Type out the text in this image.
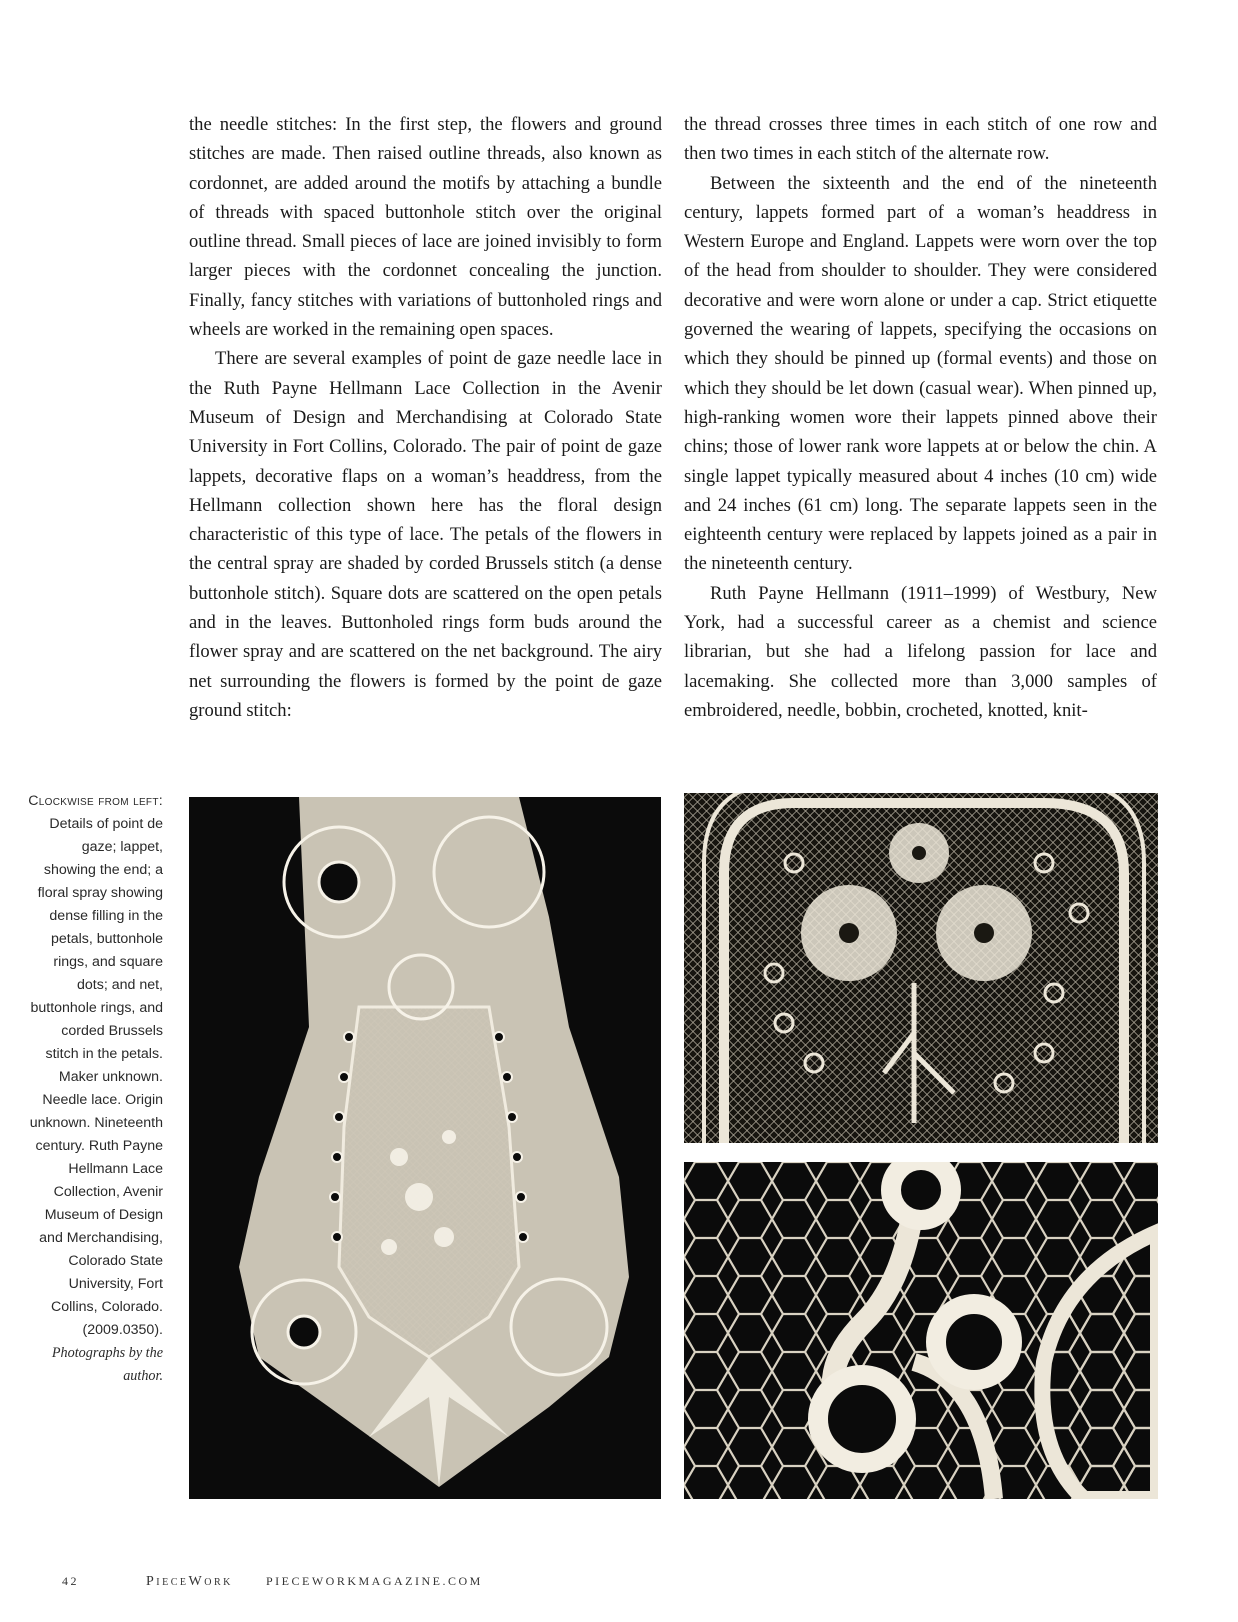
the needle stitches: In the first step, the flowers and ground stitches are made. Then raised outline threads, also known as cordonnet, are added around the motifs by attaching a bundle of threads with spaced buttonhole stitch over the original outline thread. Small pieces of lace are joined invisibly to form larger pieces with the cordonnet concealing the junction. Finally, fancy stitches with variations of buttonholed rings and wheels are worked in the remaining open spaces.

There are several examples of point de gaze needle lace in the Ruth Payne Hellmann Lace Collection in the Avenir Museum of Design and Merchandising at Colorado State University in Fort Collins, Colorado. The pair of point de gaze lappets, decorative flaps on a woman’s headdress, from the Hellmann collection shown here has the floral design characteristic of this type of lace. The petals of the flowers in the central spray are shaded by corded Brussels stitch (a dense buttonhole stitch). Square dots are scattered on the open petals and in the leaves. Buttonholed rings form buds around the flower spray and are scattered on the net background. The airy net surrounding the flowers is formed by the point de gaze ground stitch:

the thread crosses three times in each stitch of one row and then two times in each stitch of the alternate row.

Between the sixteenth and the end of the nineteenth century, lappets formed part of a woman’s headdress in Western Europe and England. Lappets were worn over the top of the head from shoulder to shoulder. They were considered decorative and were worn alone or under a cap. Strict etiquette governed the wearing of lappets, specifying the occasions on which they should be pinned up (formal events) and those on which they should be let down (casual wear). When pinned up, high-ranking women wore their lappets pinned above their chins; those of lower rank wore lappets at or below the chin. A single lappet typically measured about 4 inches (10 cm) wide and 24 inches (61 cm) long. The separate lappets seen in the eighteenth century were replaced by lappets joined as a pair in the nineteenth century.

Ruth Payne Hellmann (1911–1999) of Westbury, New York, had a successful career as a chemist and science librarian, but she had a lifelong passion for lace and lacemaking. She collected more than 3,000 samples of embroidered, needle, bobbin, crocheted, knotted, knit-

Clockwise from left: Details of point de gaze; lappet, showing the end; a floral spray showing dense filling in the petals, buttonhole rings, and square dots; and net, buttonhole rings, and corded Brussels stitch in the petals. Maker unknown. Needle lace. Origin unknown. Nineteenth century. Ruth Payne Hellmann Lace Collection, Avenir Museum of Design and Merchandising, Colorado State University, Fort Collins, Colorado. (2009.0350). Photographs by the author.
42	PieceWork	PIECEWORKMAGAZINE.COM
